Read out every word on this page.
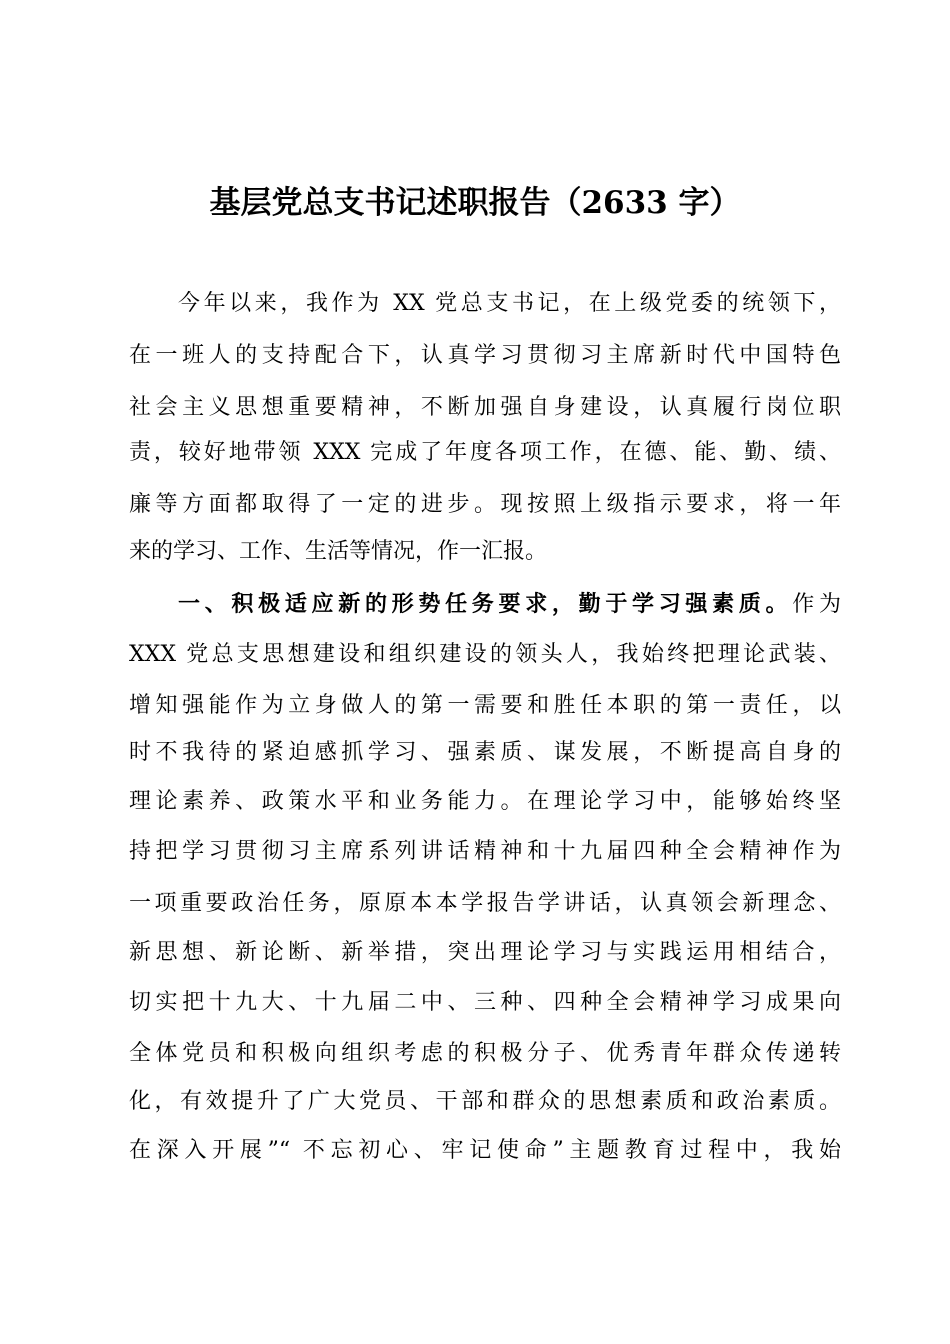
基层党总支书记述职报告（2633 字）
今年以来，我作为 XX 党总支书记，在上级党委的统领下，
在一班人的支持配合下，认真学习贯彻习主席新时代中国特色
社会主义思想重要精神，不断加强自身建设，认真履行岗位职
责，较好地带领 XXX 完成了年度各项工作，在德、能、勤、绩、
廉等方面都取得了一定的进步。现按照上级指示要求，将一年
来的学习、工作、生活等情况，作一汇报。
一、积极适应新的形势任务要求，勤于学习强素质。作为
XXX 党总支思想建设和组织建设的领头人，我始终把理论武装、
增知强能作为立身做人的第一需要和胜任本职的第一责任，以
时不我待的紧迫感抓学习、强素质、谋发展，不断提高自身的
理论素养、政策水平和业务能力。在理论学习中，能够始终坚
持把学习贯彻习主席系列讲话精神和十九届四种全会精神作为
一项重要政治任务，原原本本学报告学讲话，认真领会新理念、
新思想、新论断、新举措，突出理论学习与实践运用相结合，
切实把十九大、十九届二中、三种、四种全会精神学习成果向
全体党员和积极向组织考虑的积极分子、优秀青年群众传递转
化，有效提升了广大党员、干部和群众的思想素质和政治素质。
在深入开展”“ 不忘初心、牢记使命”主题教育过程中，我始
